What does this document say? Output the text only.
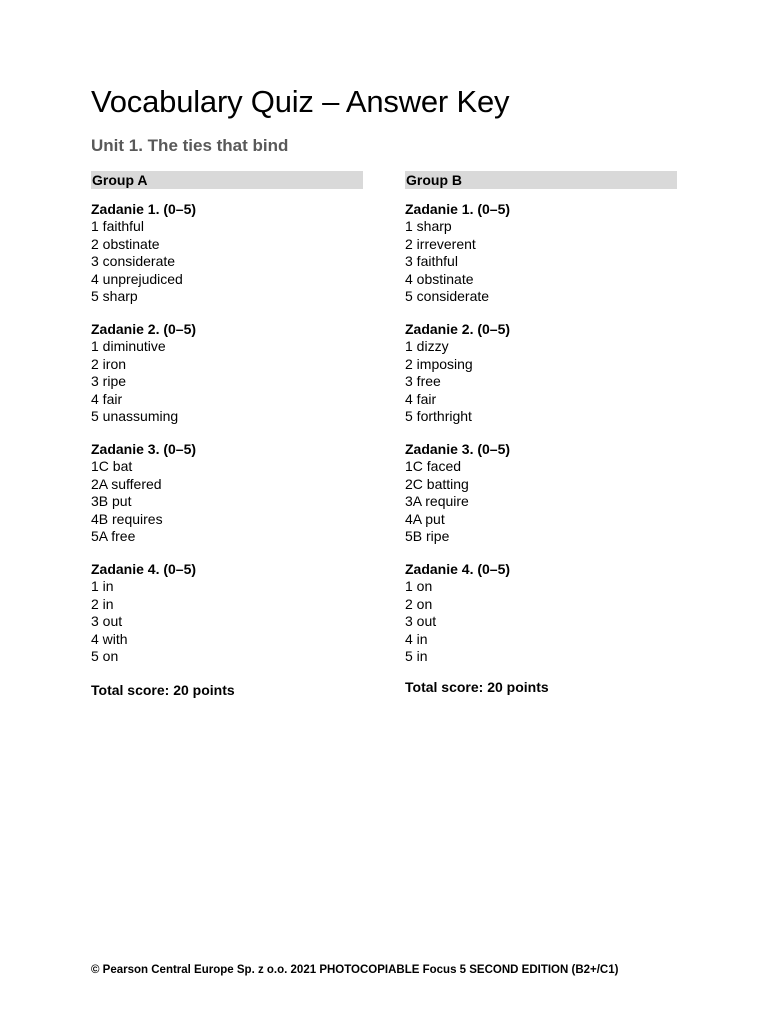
Vocabulary Quiz – Answer Key
Unit 1. The ties that bind
Group A
Zadanie 1. (0–5)
1 faithful
2 obstinate
3 considerate
4 unprejudiced
5 sharp
Zadanie 2. (0–5)
1 diminutive
2 iron
3 ripe
4 fair
5 unassuming
Zadanie 3. (0–5)
1C bat
2A suffered
3B put
4B requires
5A free
Zadanie 4. (0–5)
1 in
2 in
3 out
4 with
5 on
Total score: 20 points
Group B
Zadanie 1. (0–5)
1 sharp
2 irreverent
3 faithful
4 obstinate
5 considerate
Zadanie 2. (0–5)
1 dizzy
2 imposing
3 free
4 fair
5 forthright
Zadanie 3. (0–5)
1C faced
2C batting
3A require
4A put
5B ripe
Zadanie 4. (0–5)
1 on
2 on
3 out
4 in
5 in
Total score: 20 points
© Pearson Central Europe Sp. z o.o. 2021 PHOTOCOPIABLE Focus 5 SECOND EDITION (B2+/C1)
